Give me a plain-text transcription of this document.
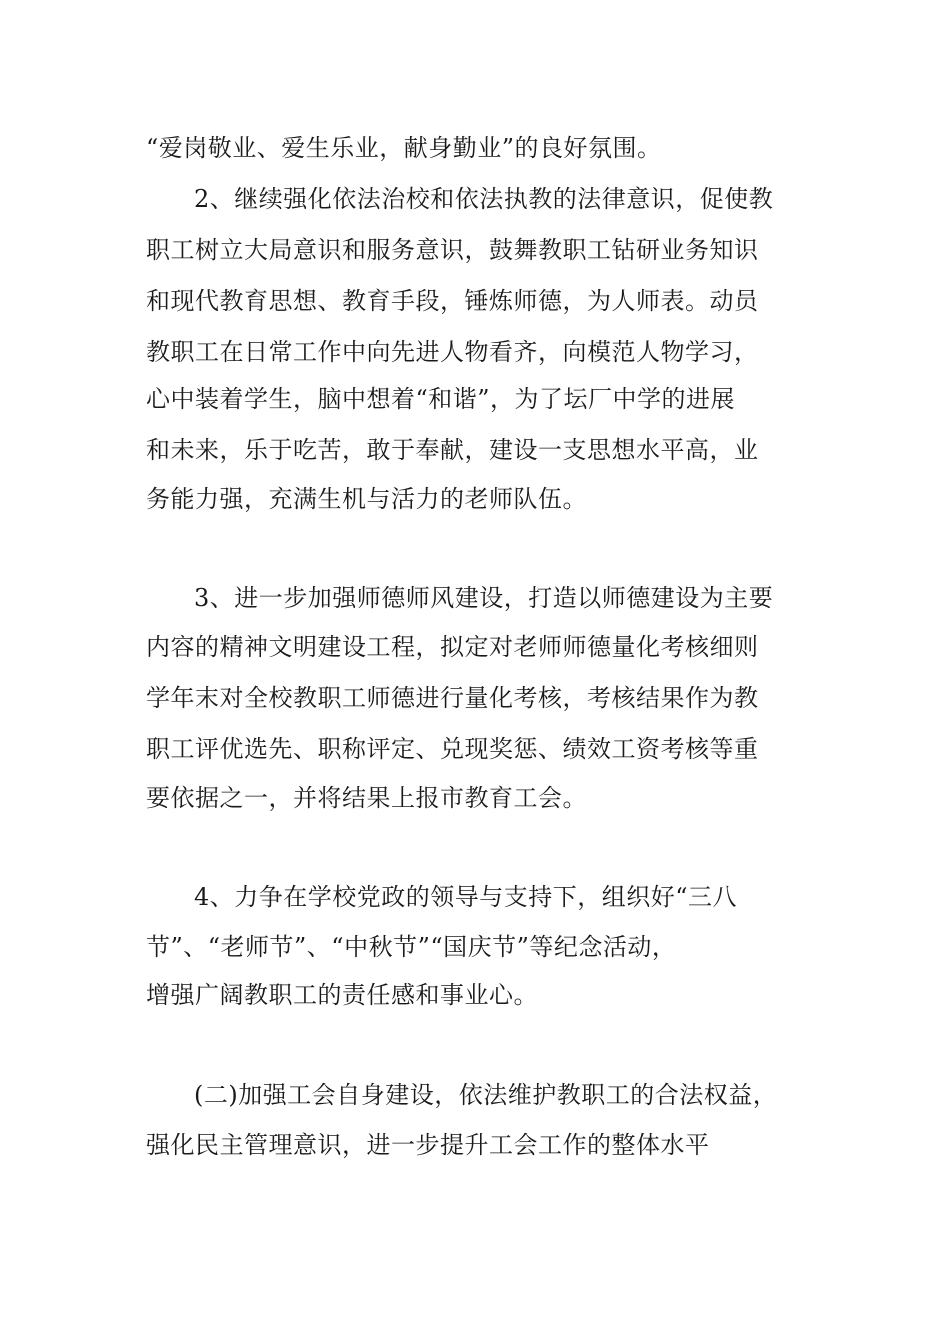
“爱岗敬业、爱生乐业，献身勤业”的良好氛围。
2、继续强化依法治校和依法执教的法律意识，促使教
职工树立大局意识和服务意识，鼓舞教职工钻研业务知识
和现代教育思想、教育手段，锤炼师德，为人师表。动员
教职工在日常工作中向先进人物看齐，向模范人物学习，
心中装着学生，脑中想着“和谐”，为了坛厂中学的进展
和未来，乐于吃苦，敢于奉献，建设一支思想水平高，业
务能力强，充满生机与活力的老师队伍。
3、进一步加强师德师风建设，打造以师德建设为主要
内容的精神文明建设工程，拟定对老师师德量化考核细则
学年末对全校教职工师德进行量化考核，考核结果作为教
职工评优选先、职称评定、兑现奖惩、绩效工资考核等重
要依据之一，并将结果上报市教育工会。
4、力争在学校党政的领导与支持下，组织好“三八
节”、“老师节”、“中秋节”“国庆节”等纪念活动，
增强广阔教职工的责任感和事业心。
(二)加强工会自身建设，依法维护教职工的合法权益，
强化民主管理意识，进一步提升工会工作的整体水平
